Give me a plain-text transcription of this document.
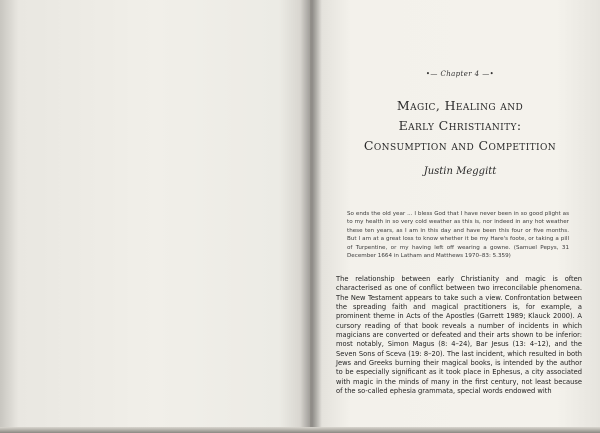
•— Chapter 4 —•
Magic, Healing and
Early Christianity:
Consumption and Competition
Justin Meggitt

So ends the old year ... I bless God that I have never been in so good plight as to my health in so very cold weather as this is, nor indeed in any hot weather these ten years, as I am in this day and have been this four or five months. But I am at a great loss to know whether it be my Hare's foote, or taking a pill of Turpentine, or my having left off wearing a gowne. (Samuel Pepys, 31 December 1664 in Latham and Matthews 1970–83: 5.359)

The relationship between early Christianity and magic is often characterised as one of conflict between two irreconcilable phenomena. The New Testament appears to take such a view. Confrontation between the spreading faith and magical practitioners is, for example, a prominent theme in Acts of the Apostles (Garrett 1989; Klauck 2000). A cursory reading of that book reveals a number of incidents in which magicians are converted or defeated and their arts shown to be inferior: most notably, Simon Magus (8: 4–24), Bar Jesus (13: 4–12), and the Seven Sons of Sceva (19: 8–20). The last incident, which resulted in both Jews and Greeks burning their magical books, is intended by the author to be especially significant as it took place in Ephesus, a city associated with magic in the minds of many in the first century, not least because of the so-called ephesia grammata, special words endowed with
